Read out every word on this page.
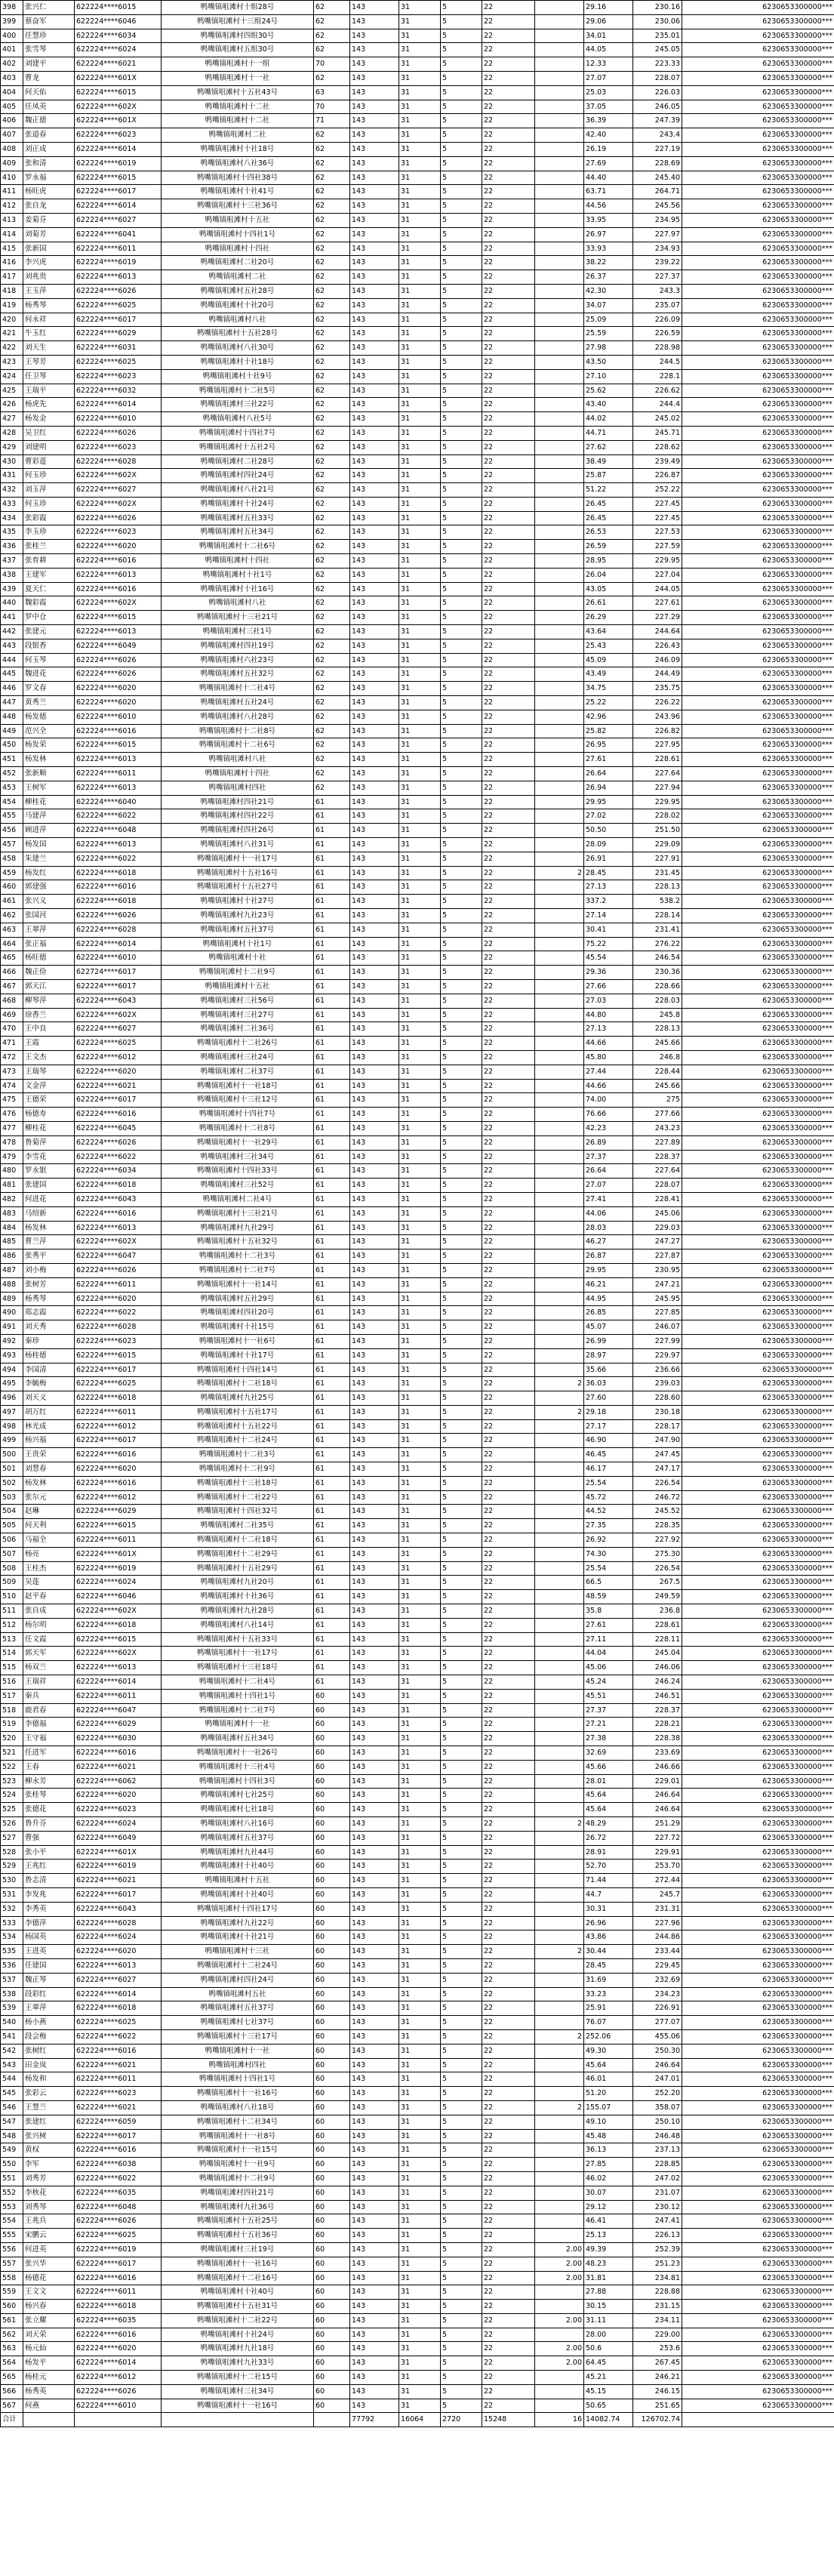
398	张兴仁	622224****6015	鸭嘴镇咀滩村十组28号	62	143	31	5	22		29.16	230.16	6230653300000***
399	蔡奋军	622224****6046	鸭嘴镇咀滩村十三组24号	62	143	31	5	22		29.06	230.06	6230653300000***
400	任慧珍	622224****6034	鸭嘴镇咀滩村四组30号	62	143	31	5	22		34.01	235.01	6230653300000***
401	张雪琴	622224****6024	鸭嘴镇咀滩村五组30号	62	143	31	5	22		44.05	245.05	6230653300000***
402	刘建平	622224****6021	鸭嘴镇咀滩村十一组	70	143	31	5	22		12.33	223.33	6230653300000***
403	曹龙	622224****601X	鸭嘴镇咀滩村十一社	62	143	31	5	22		27.07	228.07	6230653300000***
404	何天佑	622224****6015	鸭嘴镇咀滩村十五社43号	63	143	31	5	22		25.03	226.03	6230653300000***
405	任凤英	622224****602X	鸭嘴镇咀滩村十二社	70	143	31	5	22		37.05	246.05	6230653300000***
406	魏正德	622224****601X	鸭嘴镇咀滩村十二社	71	143	31	5	22		36.39	247.39	6230653300000***
407	张道春	622224****6023	鸭嘴镇咀滩村二社	62	143	31	5	22		42.40	243.4	6230653300000***
408	刘正成	622224****6014	鸭嘴镇咀滩村十社18号	62	143	31	5	22		26.19	227.19	6230653300000***
409	张和清	622224****6019	鸭嘴镇咀滩村八社36号	62	143	31	5	22		27.69	228.69	6230653300000***
410	罗永福	622224****6015	鸭嘴镇咀滩村十四社38号	62	143	31	5	22		44.40	245.40	6230653300000***
411	杨旺虎	622224****6017	鸭嘴镇咀滩村十社41号	62	143	31	5	22		63.71	264.71	6230653300000***
412	张自龙	622224****6014	鸭嘴镇咀滩村十三社36号	62	143	31	5	22		44.56	245.56	6230653300000***
413	姜菊芬	622224****6027	鸭嘴镇咀滩村十五社	62	143	31	5	22		33.95	234.95	6230653300000***
414	刘菊芳	622224****6041	鸭嘴镇咀滩村十四社1号	62	143	31	5	22		26.97	227.97	6230653300000***
415	张新国	622224****6011	鸭嘴镇咀滩村十四社	62	143	31	5	22		33.93	234.93	6230653300000***
416	李兴虎	622224****6019	鸭嘴镇咀滩村二社20号	62	143	31	5	22		38.22	239.22	6230653300000***
417	刘兆贵	622224****6013	鸭嘴镇咀滩村二社	62	143	31	5	22		26.37	227.37	6230653300000***
418	王玉萍	622224****6026	鸭嘴镇咀滩村五社28号	62	143	31	5	22		42.30	243.3	6230653300000***
419	杨秀琴	622224****6025	鸭嘴镇咀滩村十社20号	62	143	31	5	22		34.07	235.07	6230653300000***
420	何永祥	622224****6017	鸭嘴镇咀滩村八社	62	143	31	5	22		25.09	226.09	6230653300000***
421	牛玉红	622224****6029	鸭嘴镇咀滩村十五社28号	62	143	31	5	22		25.59	226.59	6230653300000***
422	刘天生	622224****6031	鸭嘴镇咀滩村八社30号	62	143	31	5	22		27.98	228.98	6230653300000***
423	王琴芳	622224****6025	鸭嘴镇咀滩村十社18号	62	143	31	5	22		43.50	244.5	6230653300000***
424	任卫琴	622224****6023	鸭嘴镇咀滩村十社9号	62	143	31	5	22		27.10	228.1	6230653300000***
425	王瑞平	622224****6032	鸭嘴镇咀滩村十二社5号	62	143	31	5	22		25.62	226.62	6230653300000***
426	杨虎先	622224****6014	鸭嘴镇咀滩村三社22号	62	143	31	5	22		43.40	244.4	6230653300000***
427	杨发金	622224****6010	鸭嘴镇咀滩村八社5号	62	143	31	5	22		44.02	245.02	6230653300000***
428	吴卫红	622224****6026	鸭嘴镇咀滩村十四社7号	62	143	31	5	22		44.71	245.71	6230653300000***
429	刘建明	622224****6023	鸭嘴镇咀滩村十五社2号	62	143	31	5	22		27.62	228.62	6230653300000***
430	曹彩莲	622224****6028	鸭嘴镇咀滩村二社28号	62	143	31	5	22		38.49	239.49	6230653300000***
431	何玉珍	622224****602X	鸭嘴镇咀滩村四社24号	62	143	31	5	22		25.87	226.87	6230653300000***
432	刘玉萍	622224****6027	鸭嘴镇咀滩村八社21号	62	143	31	5	22		51.22	252.22	6230653300000***
433	何玉珍	622224****602X	鸭嘴镇咀滩村十社24号	62	143	31	5	22		26.45	227.45	6230653300000***
434	张彩霞	622224****6026	鸭嘴镇咀滩村五社33号	62	143	31	5	22		26.45	227.45	6230653300000***
435	李玉珍	622224****6023	鸭嘴镇咀滩村五社34号	62	143	31	5	22		26.53	227.53	6230653300000***
436	张桂兰	622224****6020	鸭嘴镇咀滩村十二社6号	62	143	31	5	22		26.59	227.59	6230653300000***
437	张育耕	622224****6016	鸭嘴镇咀滩村十四社	62	143	31	5	22		28.95	229.95	6230653300000***
438	王建军	622224****6013	鸭嘴镇咀滩村十社1号	62	143	31	5	22		26.04	227.04	6230653300000***
439	夏天仁	622224****6016	鸭嘴镇咀滩村十社16号	62	143	31	5	22		43.05	244.05	6230653300000***
440	魏彩霞	622224****602X	鸭嘴镇咀滩村八社	62	143	31	5	22		26.61	227.61	6230653300000***
441	罗中仓	622224****6015	鸭嘴镇咀滩村十三社21号	62	143	31	5	22		26.29	227.29	6230653300000***
442	张建元	622224****6013	鸭嘴镇咀滩村三社1号	62	143	31	5	22		43.64	244.64	6230653300000***
443	段银香	622224****6049	鸭嘴镇咀滩村四社19号	62	143	31	5	22		25.43	226.43	6230653300000***
444	何玉琴	622224****6026	鸭嘴镇咀滩村六社23号	62	143	31	5	22		45.09	246.09	6230653300000***
445	魏进花	622224****6026	鸭嘴镇咀滩村五社32号	62	143	31	5	22		43.49	244.49	6230653300000***
446	罗文春	622224****6020	鸭嘴镇咀滩村十二社4号	62	143	31	5	22		34.75	235.75	6230653300000***
447	黄秀兰	622224****6020	鸭嘴镇咀滩村五社24号	62	143	31	5	22		25.22	226.22	6230653300000***
448	杨发德	622224****6010	鸭嘴镇咀滩村八社28号	62	143	31	5	22		42.96	243.96	6230653300000***
449	范兴全	622224****6016	鸭嘴镇咀滩村十二社8号	62	143	31	5	22		25.82	226.82	6230653300000***
450	杨发荣	622224****6015	鸭嘴镇咀滩村十二社6号	62	143	31	5	22		26.95	227.95	6230653300000***
451	杨发林	622224****6013	鸭嘴镇咀滩村八社	62	143	31	5	22		27.61	228.61	6230653300000***
452	张新顺	622224****6011	鸭嘴镇咀滩村十四社	62	143	31	5	22		26.64	227.64	6230653300000***
453	王树军	622224****6013	鸭嘴镇咀滩村四社	62	143	31	5	22		26.94	227.94	6230653300000***
454	柳桂花	622224****6040	鸭嘴镇咀滩村四社21号	61	143	31	5	22		29.95	229.95	6230653300000***
455	马建萍	622224****6022	鸭嘴镇咀滩村四社22号	61	143	31	5	22		27.02	228.02	6230653300000***
456	顾进萍	622224****6048	鸭嘴镇咀滩村四社26号	61	143	31	5	22		50.50	251.50	6230653300000***
457	杨发国	622224****6013	鸭嘴镇咀滩村八社31号	61	143	31	5	22		28.09	229.09	6230653300000***
458	朱建兰	622224****6022	鸭嘴镇咀滩村十一社17号	61	143	31	5	22		26.91	227.91	6230653300000***
459	杨发红	622224****6018	鸭嘴镇咀滩村十五社16号	61	143	31	5	22	2	28.45	231.45	6230653300000***
460	郭建强	622224****6016	鸭嘴镇咀滩村十五社27号	61	143	31	5	22		27.13	228.13	6230653300000***
461	张兴义	622224****6018	鸭嘴镇咀滩村十社27号	61	143	31	5	22		337.2	538.2	6230653300000***
462	张国河	622224****6026	鸭嘴镇咀滩村九社23号	61	143	31	5	22		27.14	228.14	6230653300000***
463	王翠萍	622224****6028	鸭嘴镇咀滩村五社37号	61	143	31	5	22		30.41	231.41	6230653300000***
464	张正福	622224****6014	鸭嘴镇咀滩村十社1号	61	143	31	5	22		75.22	276.22	6230653300000***
465	杨旺德	622224****6010	鸭嘴镇咀滩村十社	61	143	31	5	22		45.54	246.54	6230653300000***
466	魏正俭	622724****6017	鸭嘴镇咀滩村十二社9号	61	143	31	5	22		29.36	230.36	6230653300000***
467	郭天江	622224****6017	鸭嘴镇咀滩村十五社	61	143	31	5	22		27.66	228.66	6230653300000***
468	柳琴萍	622224****6043	鸭嘴镇咀滩村三社56号	61	143	31	5	22		27.03	228.03	6230653300000***
469	徐香兰	622224****602X	鸭嘴镇咀滩村三社27号	61	143	31	5	22		44.80	245.8	6230653300000***
470	王中良	622224****6027	鸭嘴镇咀滩村二社36号	61	143	31	5	22		27.13	228.13	6230653300000***
471	王霞	622224****6025	鸭嘴镇咀滩村十二社26号	61	143	31	5	22		44.66	245.66	6230653300000***
472	王文杰	622224****6012	鸭嘴镇咀滩村三社24号	61	143	31	5	22		45.80	246.8	6230653300000***
473	王瑞琴	622224****6020	鸭嘴镇咀滩村二社37号	61	143	31	5	22		27.44	228.44	6230653300000***
474	文金萍	622224****6021	鸭嘴镇咀滩村十一社18号	61	143	31	5	22		44.66	245.66	6230653300000***
475	王德荣	622224****6017	鸭嘴镇咀滩村十三社12号	61	143	31	5	22		74.00	275	6230653300000***
476	杨德寿	622224****6016	鸭嘴镇咀滩村十四社7号	61	143	31	5	22		76.66	277.66	6230653300000***
477	柳桂花	622224****6045	鸭嘴镇咀滩村十二社8号	61	143	31	5	22		42.23	243.23	6230653300000***
478	鲁菊萍	622224****6026	鸭嘴镇咀滩村十一社29号	61	143	31	5	22		26.89	227.89	6230653300000***
479	李雪花	622224****6022	鸭嘴镇咀滩村三社34号	61	143	31	5	22		27.37	228.37	6230653300000***
480	罗永银	622224****6034	鸭嘴镇咀滩村十四社33号	61	143	31	5	22		26.64	227.64	6230653300000***
481	张建国	622224****6018	鸭嘴镇咀滩村三社52号	61	143	31	5	22		27.07	228.07	6230653300000***
482	何进花	622224****6043	鸭嘴镇咀滩村二社4号	61	143	31	5	22		27.41	228.41	6230653300000***
483	马绍新	622224****6016	鸭嘴镇咀滩村十三社21号	61	143	31	5	22		44.06	245.06	6230653300000***
484	杨发林	622224****6013	鸭嘴镇咀滩村九社29号	61	143	31	5	22		28.03	229.03	6230653300000***
485	曹兰萍	622224****602X	鸭嘴镇咀滩村十五社32号	61	143	31	5	22		46.27	247.27	6230653300000***
486	张秀平	622224****6047	鸭嘴镇咀滩村十二社3号	61	143	31	5	22		26.87	227.87	6230653300000***
487	刘小梅	622224****6026	鸭嘴镇咀滩村十二社7号	61	143	31	5	22		29.95	230.95	6230653300000***
488	张树芳	622224****6011	鸭嘴镇咀滩村十一社14号	61	143	31	5	22		46.21	247.21	6230653300000***
489	杨秀琴	622224****6020	鸭嘴镇咀滩村五社29号	61	143	31	5	22		44.95	245.95	6230653300000***
490	郑志霞	622224****6022	鸭嘴镇咀滩村四社20号	61	143	31	5	22		26.85	227.85	6230653300000***
491	刘天秀	622224****6028	鸭嘴镇咀滩村十社15号	61	143	31	5	22		45.07	246.07	6230653300000***
492	秦珍	622224****6023	鸭嘴镇咀滩村十一社6号	61	143	31	5	22		26.99	227.99	6230653300000***
493	杨桂德	622224****6015	鸭嘴镇咀滩村十社17号	61	143	31	5	22		28.97	229.97	6230653300000***
494	李国清	622224****6017	鸭嘴镇咀滩村十四社14号	61	143	31	5	22		35.66	236.66	6230653300000***
495	李毓梅	622224****6025	鸭嘴镇咀滩村十二社18号	61	143	31	5	22	2	36.03	239.03	6230653300000***
496	刘天义	622224****6018	鸭嘴镇咀滩村九社25号	61	143	31	5	22		27.60	228.60	6230653300000***
497	胡万红	622224****6011	鸭嘴镇咀滩村十五社17号	61	143	31	5	22	2	29.18	230.18	6230653300000***
498	林光成	622224****6012	鸭嘴镇咀滩村十五社22号	61	143	31	5	22		27.17	228.17	6230653300000***
499	杨兴福	622224****6017	鸭嘴镇咀滩村十二社24号	61	143	31	5	22		46.90	247.90	6230653300000***
500	王贵荣	622224****6016	鸭嘴镇咀滩村十二社3号	61	143	31	5	22		46.45	247.45	6230653300000***
501	刘慧春	622224****6020	鸭嘴镇咀滩村十二社9号	61	143	31	5	22		46.17	247.17	6230653300000***
502	杨发林	622224****6016	鸭嘴镇咀滩村十三社18号	61	143	31	5	22		25.54	226.54	6230653300000***
503	张尔元	622224****6012	鸭嘴镇咀滩村十二社22号	61	143	31	5	22		45.72	246.72	6230653300000***
504	赵琳	622224****6029	鸭嘴镇咀滩村十四社32号	61	143	31	5	22		44.52	245.52	6230653300000***
505	何天利	622224****6015	鸭嘴镇咀滩村二社35号	61	143	31	5	22		27.35	228.35	6230653300000***
506	马福全	622224****6011	鸭嘴镇咀滩村十二社18号	61	143	31	5	22		26.92	227.92	6230653300000***
507	杨亮	622224****601X	鸭嘴镇咀滩村十二社29号	61	143	31	5	22		74.30	275.30	6230653300000***
508	王桂杰	622224****6019	鸭嘴镇咀滩村十五社29号	61	143	31	5	22		25.54	226.54	6230653300000***
509	吴莲	622224****6024	鸭嘴镇咀滩村九社20号	61	143	31	5	22		66.5	267.5	6230653300000***
510	赵平春	622224****6046	鸭嘴镇咀滩村十社36号	61	143	31	5	22		48.59	249.59	6230653300000***
511	张自成	622224****602X	鸭嘴镇咀滩村九社28号	61	143	31	5	22		35.8	236.8	6230653300000***
512	杨尔明	622224****6018	鸭嘴镇咀滩村八社14号	61	143	31	5	22		27.61	228.61	6230653300000***
513	任文霞	622224****6015	鸭嘴镇咀滩村十五社33号	61	143	31	5	22		27.11	228.11	6230653300000***
514	郭天军	622224****602X	鸭嘴镇咀滩村十一社17号	61	143	31	5	22		44.04	245.04	6230653300000***
515	杨双兰	622224****6013	鸭嘴镇咀滩村十三社18号	61	143	31	5	22		45.06	246.06	6230653300000***
516	王瑞祥	622224****6014	鸭嘴镇咀滩村十二社4号	61	143	31	5	22		45.24	246.24	6230653300000***
517	秦兵	622224****6011	鸭嘴镇咀滩村十四社1号	60	143	31	5	22		45.51	246.51	6230653300000***
518	鹿君春	622224****6047	鸭嘴镇咀滩村十二社7号	60	143	31	5	22		27.37	228.37	6230653300000***
519	李德福	622224****6029	鸭嘴镇咀滩村十一社	60	143	31	5	22		27.21	228.21	6230653300000***
520	王守福	622224****6030	鸭嘴镇咀滩村五社34号	60	143	31	5	22		27.38	228.38	6230653300000***
521	任进军	622224****6016	鸭嘴镇咀滩村十一社26号	60	143	31	5	22		32.69	233.69	6230653300000***
522	王春	622224****6021	鸭嘴镇咀滩村十三社4号	60	143	31	5	22		45.66	246.66	6230653300000***
523	柳永芳	622224****6062	鸭嘴镇咀滩村十四社3号	60	143	31	5	22		28.01	229.01	6230653300000***
524	张桂琴	622224****6020	鸭嘴镇咀滩村七社25号	60	143	31	5	22		45.64	246.64	6230653300000***
525	张德花	622224****6023	鸭嘴镇咀滩村七社18号	60	143	31	5	22		45.64	246.64	6230653300000***
526	鲁升芬	622224****6024	鸭嘴镇咀滩村八社16号	60	143	31	5	22	2	48.29	251.29	6230653300000***
527	曹强	622224****6049	鸭嘴镇咀滩村五社37号	60	143	31	5	22		26.72	227.72	6230653300000***
528	张小平	622224****601X	鸭嘴镇咀滩村九社44号	60	143	31	5	22		28.91	229.91	6230653300000***
529	王兆红	622224****6019	鸭嘴镇咀滩村十社40号	60	143	31	5	22		52.70	253.70	6230653300000***
530	鲁志清	622224****6021	鸭嘴镇咀滩村十五社	60	143	31	5	22		71.44	272.44	6230653300000***
531	李发兆	622224****6017	鸭嘴镇咀滩村十社40号	60	143	31	5	22		44.7	245.7	6230653300000***
532	李秀英	622224****6043	鸭嘴镇咀滩村十四社17号	60	143	31	5	22		30.31	231.31	6230653300000***
533	李德萍	622224****6028	鸭嘴镇咀滩村九社22号	60	143	31	5	22		26.96	227.96	6230653300000***
534	杨国英	622224****6024	鸭嘴镇咀滩村十社21号	60	143	31	5	22		43.86	244.86	6230653300000***
535	王进英	622224****6020	鸭嘴镇咀滩村十三社	60	143	31	5	22	2	30.44	233.44	6230653300000***
536	任建国	622224****6013	鸭嘴镇咀滩村十二社24号	60	143	31	5	22		28.45	229.45	6230653300000***
537	魏正琴	622224****6027	鸭嘴镇咀滩村四社24号	60	143	31	5	22		31.69	232.69	6230653300000***
538	段彩红	622224****6014	鸭嘴镇咀滩村五社	60	143	31	5	22		33.23	234.23	6230653300000***
539	王翠萍	622224****6018	鸭嘴镇咀滩村五社37号	60	143	31	5	22		25.91	226.91	6230653300000***
540	杨小燕	622224****6025	鸭嘴镇咀滩村七社37号	60	143	31	5	22		76.07	277.07	6230653300000***
541	段会梅	622224****6022	鸭嘴镇咀滩村十三社17号	60	143	31	5	22	2	252.06	455.06	6230653300000***
542	张树红	622224****6016	鸭嘴镇咀滩村十一社	60	143	31	5	22		49.30	250.30	6230653300000***
543	田金岚	622224****6021	鸭嘴镇咀滩村四社	60	143	31	5	22		45.64	246.64	6230653300000***
544	杨发和	622224****6011	鸭嘴镇咀滩村十四社1号	60	143	31	5	22		46.01	247.01	6230653300000***
545	张彩云	622224****6023	鸭嘴镇咀滩村十一社16号	60	143	31	5	22		51.20	252.20	6230653300000***
546	王慧兰	622224****6021	鸭嘴镇咀滩村八社18号	60	143	31	5	22	2	155.07	358.07	6230653300000***
547	张建红	622224****6059	鸭嘴镇咀滩村十二社34号	60	143	31	5	22		49.10	250.10	6230653300000***
548	张兴树	622224****6017	鸭嘴镇咀滩村十一社8号	60	143	31	5	22		45.48	246.48	6230653300000***
549	黄权	622224****6016	鸭嘴镇咀滩村十一社15号	60	143	31	5	22		36.13	237.13	6230653300000***
550	李军	622224****6038	鸭嘴镇咀滩村十一社9号	60	143	31	5	22		27.85	228.85	6230653300000***
551	刘秀芳	622224****6022	鸭嘴镇咀滩村十二社9号	60	143	31	5	22		46.02	247.02	6230653300000***
552	李秋花	622224****6035	鸭嘴镇咀滩村四社21号	60	143	31	5	22		30.07	231.07	6230653300000***
553	刘秀琴	622224****6048	鸭嘴镇咀滩村九社36号	60	143	31	5	22		29.12	230.12	6230653300000***
554	王兆兵	622224****6026	鸭嘴镇咀滩村十五社25号	60	143	31	5	22		46.41	247.41	6230653300000***
555	宋鹏云	622224****6025	鸭嘴镇咀滩村十五社36号	60	143	31	5	22		25.13	226.13	6230653300000***
556	何进英	622224****6019	鸭嘴镇咀滩村三社19号	60	143	31	5	22	2.00	49.39	252.39	6230653300000***
557	张兴华	622224****6017	鸭嘴镇咀滩村十一社16号	60	143	31	5	22	2.00	48.23	251.23	6230653300000***
558	杨德花	622224****6016	鸭嘴镇咀滩村十二社16号	60	143	31	5	22	2.00	31.81	234.81	6230653300000***
559	王文文	622224****6011	鸭嘴镇咀滩村十社40号	60	143	31	5	22		27.88	228.88	6230653300000***
560	杨兴春	622224****6018	鸭嘴镇咀滩村十五社31号	60	143	31	5	22		30.15	231.15	6230653300000***
561	张立耀	622224****6035	鸭嘴镇咀滩村十二社22号	60	143	31	5	22	2.00	31.11	234.11	6230653300000***
562	刘天荣	622224****6016	鸭嘴镇咀滩村十社24号	60	143	31	5	22		28.00	229.00	6230653300000***
563	杨元仙	622224****6020	鸭嘴镇咀滩村九社18号	60	143	31	5	22	2.00	50.6	253.6	6230653300000***
564	杨发平	622224****6014	鸭嘴镇咀滩村九社33号	60	143	31	5	22	2.00	64.45	267.45	6230653300000***
565	杨桂元	622224****6012	鸭嘴镇咀滩村十二社15号	60	143	31	5	22		45.21	246.21	6230653300000***
566	杨秀英	622224****6026	鸭嘴镇咀滩村三社34号	60	143	31	5	22		45.15	246.15	6230653300000***
567	何燕	622224****6010	鸭嘴镇咀滩村十一社16号	60	143	31	5	22		50.65	251.65	6230653300000***
合计					77792	16064	2720	15248	16	14082.74	126702.74	
